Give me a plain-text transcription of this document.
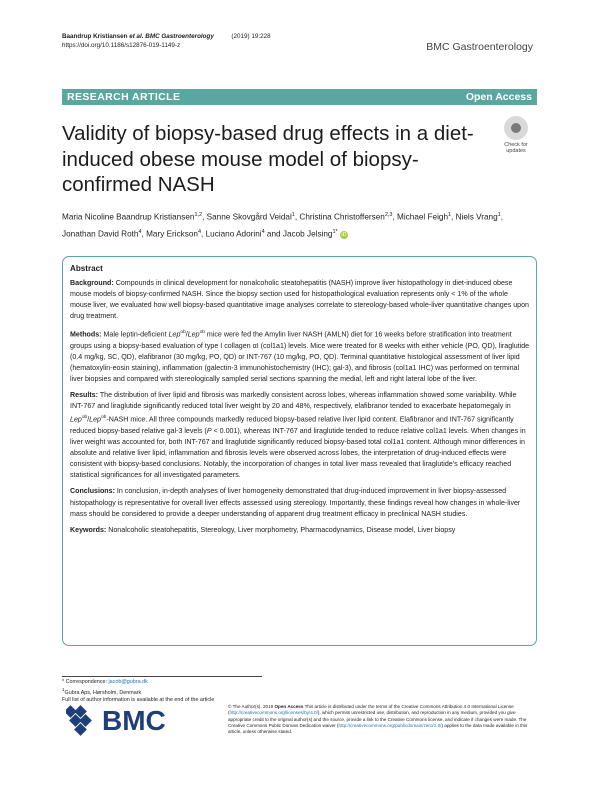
Baandrup Kristiansen et al. BMC Gastroenterology	(2019) 19:228
https://doi.org/10.1186/s12876-019-1149-z	BMC Gastroenterology
RESEARCH ARTICLE	Open Access
Validity of biopsy-based drug effects in a diet-induced obese mouse model of biopsy-confirmed NASH
Check for
updates
Maria Nicoline Baandrup Kristiansen$^{1,2}$, Sanne Skovgård Veidal$^1$, Christina Christoffersen$^{2,3}$, Michael Feigh$^1$, Niels Vrang$^1$, Jonathan David Roth$^4$, Mary Erickson$^4$, Luciano Adorini$^4$ and Jacob Jelsing$^{1*}$ iD
Abstract

Background: Compounds in clinical development for nonalcoholic steatohepatitis (NASH) improve liver histopathology in diet-induced obese mouse models of biopsy-confirmed NASH. Since the biopsy section used for histopathological evaluation represents only < 1% of the whole mouse liver, we evaluated how well biopsy-based quantitative image analyses correlate to stereology-based whole-liver quantitative changes upon drug treatment.

Methods: Male leptin-deficient Lep$^{ob}$/Lep$^{ob}$ mice were fed the Amylin liver NASH (AMLN) diet for 16 weeks before stratification into treatment groups using a biopsy-based evaluation of type I collagen αI (col1a1) levels. Mice were treated for 8 weeks with either vehicle (PO, QD), liraglutide (0.4 mg/kg, SC, QD), elafibranor (30 mg/kg, PO, QD) or INT-767 (10 mg/kg, PO, QD). Terminal quantitative histological assessment of liver lipid (hematoxylin-eosin staining), inflammation (galectin-3 immunohistochemistry (IHC); gal-3), and fibrosis (col1a1 IHC) was performed on terminal liver biopsies and compared with stereologically sampled serial sections spanning the medial, left and right lateral lobe of the liver.

Results: The distribution of liver lipid and fibrosis was markedly consistent across lobes, whereas inflammation showed some variability. While INT-767 and liraglutide significantly reduced total liver weight by 20 and 48%, respectively, elafibranor tended to exacerbate hepatomegaly in Lep$^{ob}$/Lep$^{ob}$-NASH mice. All three compounds markedly reduced biopsy-based relative liver lipid content. Elafibranor and INT-767 significantly reduced biopsy-based relative gal-3 levels (P < 0.001), whereas INT-767 and liraglutide tended to reduce relative col1a1 levels. When changes in liver weight was accounted for, both INT-767 and liraglutide significantly reduced biopsy-based total col1a1 content. Although minor differences in absolute and relative liver lipid, inflammation and fibrosis levels were observed across lobes, the interpretation of drug-induced effects were consistent with biopsy-based conclusions. Notably, the incorporation of changes in total liver mass revealed that liraglutide's efficacy reached statistical significances for all investigated parameters.

Conclusions: In conclusion, in-depth analyses of liver homogeneity demonstrated that drug-induced improvement in liver biopsy-assessed histopathology is representative for overall liver effects assessed using stereology. Importantly, these findings reveal how changes in whole-liver mass should be considered to provide a deeper understanding of apparent drug treatment efficacy in preclinical NASH studies.

Keywords: Nonalcoholic steatohepatitis, Stereology, Liver morphometry, Pharmacodynamics, Disease model, Liver biopsy

* Correspondence: jacob@gubra.dk
$^1$Gubra Aps, Hørsholm, Denmark
Full list of author information is available at the end of the article
BMC	© The Author(s). 2019 Open Access This article is distributed under the terms of the Creative Commons Attribution 4.0 International License (http://creativecommons.org/licenses/by/4.0/), which permits unrestricted use, distribution, and reproduction in any medium, provided you give appropriate credit to the original author(s) and the source, provide a link to the Creative Commons license, and indicate if changes were made. The Creative Commons Public Domain Dedication waiver (http://creativecommons.org/publicdomain/zero/1.0/) applies to the data made available in this article, unless otherwise stated.
